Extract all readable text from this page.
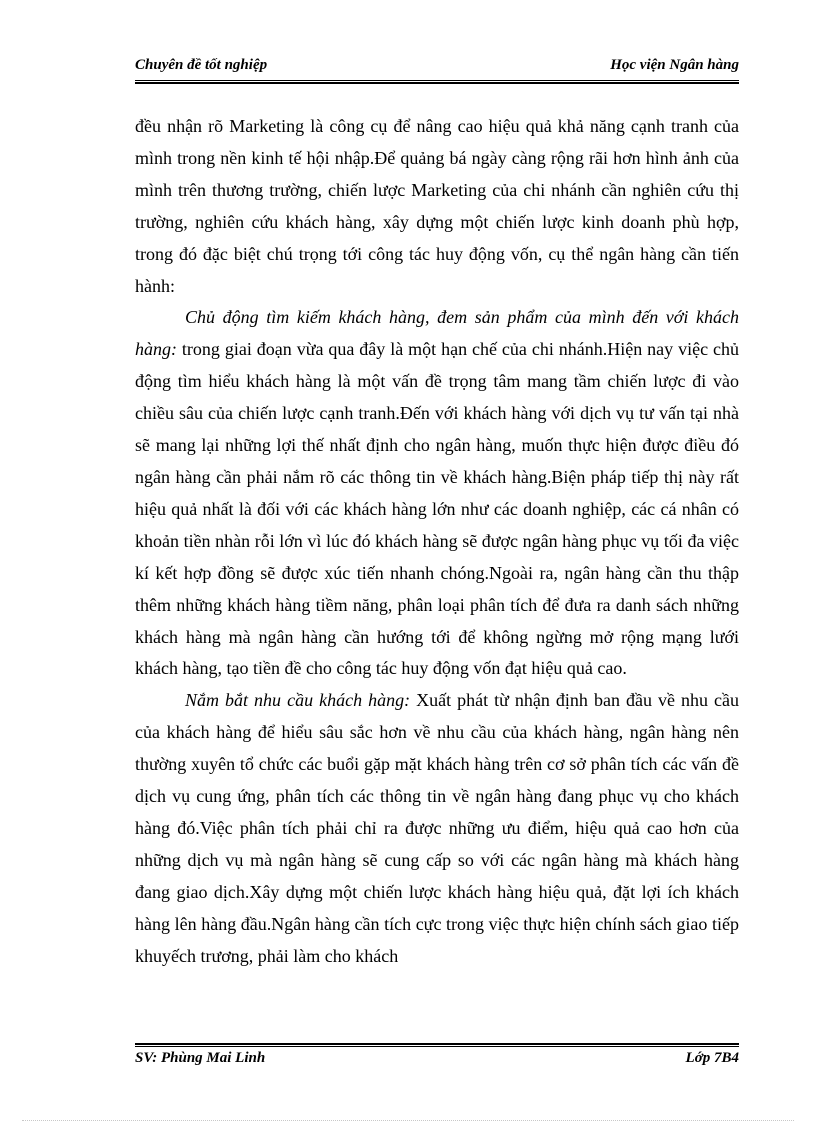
Chuyên đề tốt nghiệp	Học viện Ngân hàng

đều nhận rõ Marketing là công cụ để nâng cao hiệu quả khả năng cạnh tranh của mình trong nền kinh tế hội nhập.Để quảng bá ngày càng rộng rãi hơn hình ảnh của mình trên thương trường, chiến lược Marketing của chi nhánh cần nghiên cứu thị trường, nghiên cứu khách hàng, xây dựng một chiến lược kinh doanh phù hợp, trong đó đặc biệt chú trọng tới công tác huy động vốn, cụ thể ngân hàng cần tiến hành:

Chủ động tìm kiếm khách hàng, đem sản phẩm của mình đến với khách hàng: trong giai đoạn vừa qua đây là một hạn chế của chi nhánh.Hiện nay việc chủ động tìm hiểu khách hàng là một vấn đề trọng tâm mang tầm chiến lược đi vào chiều sâu của chiến lược cạnh tranh.Đến với khách hàng với dịch vụ tư vấn tại nhà sẽ mang lại những lợi thế nhất định cho ngân hàng, muốn thực hiện được điều đó ngân hàng cần phải nắm rõ các thông tin về khách hàng.Biện pháp tiếp thị này rất hiệu quả nhất là đối với các khách hàng lớn như các doanh nghiệp, các cá nhân có khoản tiền nhàn rỗi lớn vì lúc đó khách hàng sẽ được ngân hàng phục vụ tối đa việc kí kết hợp đồng sẽ được xúc tiến nhanh chóng.Ngoài ra, ngân hàng cần thu thập thêm những khách hàng tiềm năng, phân loại phân tích để đưa ra danh sách những khách hàng mà ngân hàng cần hướng tới để không ngừng mở rộng mạng lưới khách hàng, tạo tiền đề cho công tác huy động vốn đạt hiệu quả cao.

Nắm bắt nhu cầu khách hàng: Xuất phát từ nhận định ban đầu về nhu cầu của khách hàng để hiểu sâu sắc hơn về nhu cầu của khách hàng, ngân hàng nên thường xuyên tổ chức các buổi gặp mặt khách hàng trên cơ sở phân tích các vấn đề dịch vụ cung ứng, phân tích các thông tin về ngân hàng đang phục vụ cho khách hàng đó.Việc phân tích phải chỉ ra được những ưu điểm, hiệu quả cao hơn của những dịch vụ mà ngân hàng sẽ cung cấp so với các ngân hàng mà khách hàng đang giao dịch.Xây dựng một chiến lược khách hàng hiệu quả, đặt lợi ích khách hàng lên hàng đầu.Ngân hàng cần tích cực trong việc thực hiện chính sách giao tiếp khuyếch trương, phải làm cho khách

SV: Phùng Mai Linh	Lớp 7B4
